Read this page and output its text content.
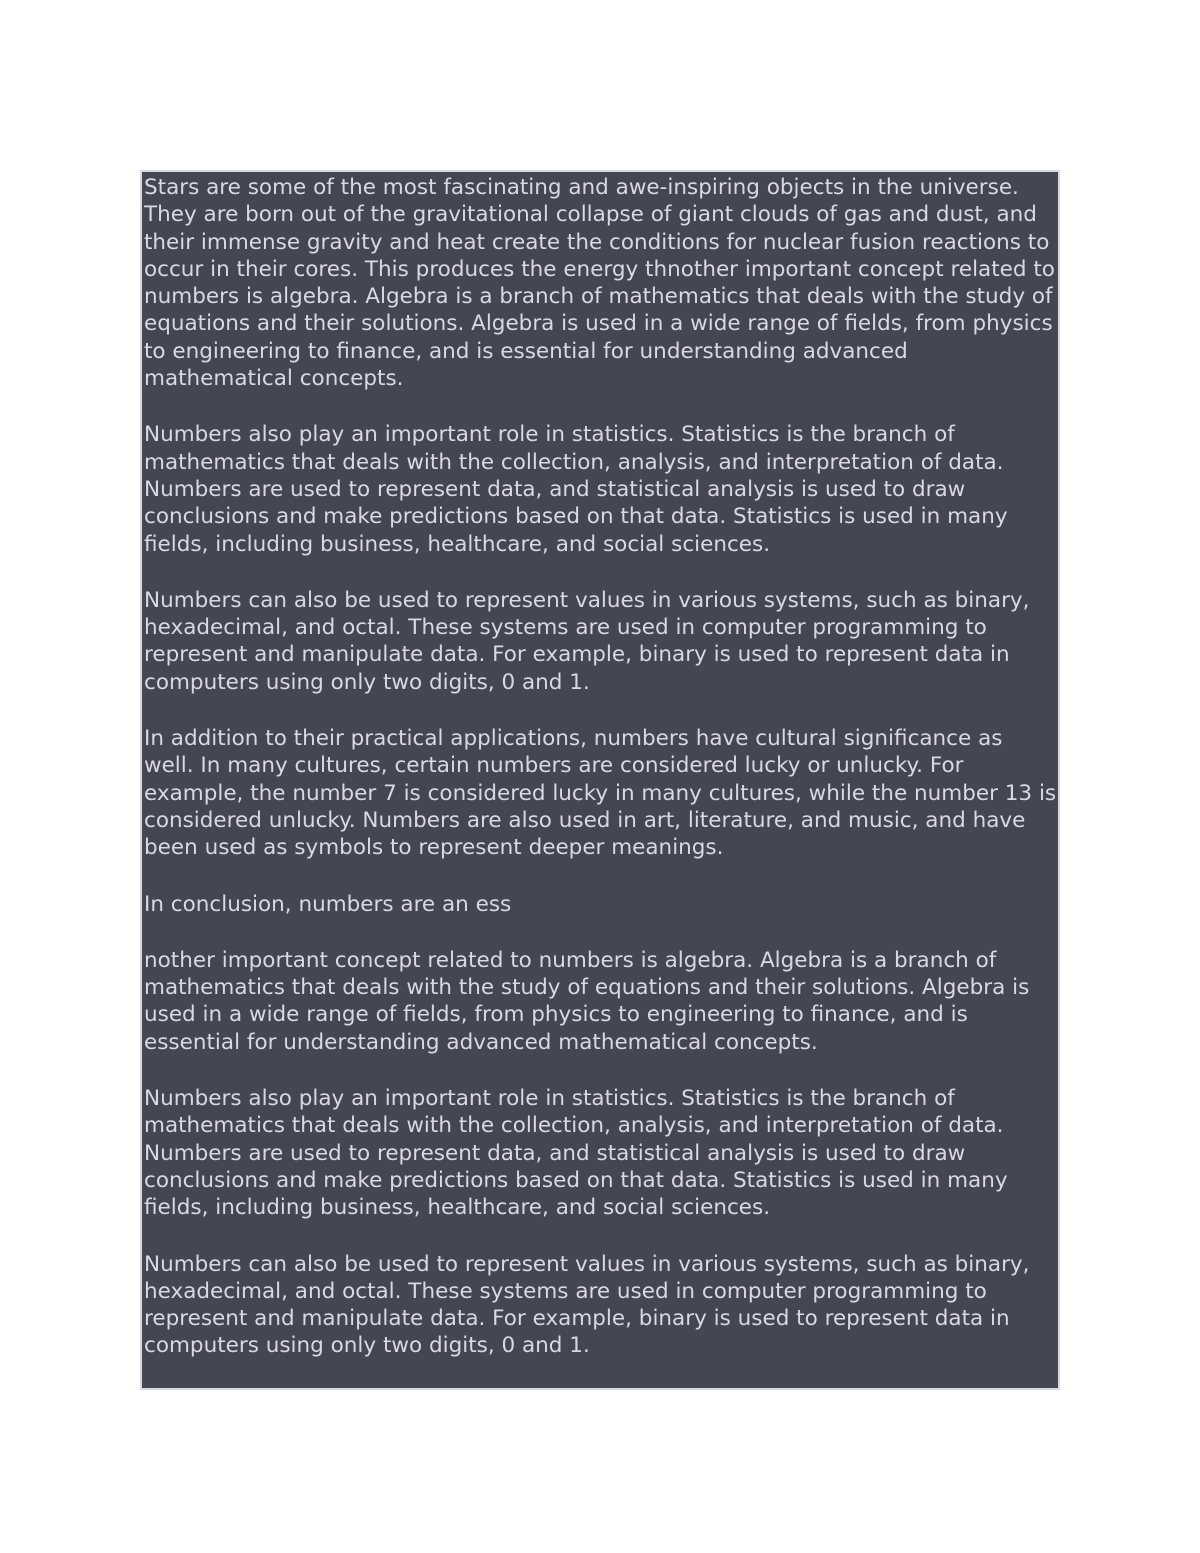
Stars are some of the most fascinating and awe-inspiring objects in the universe. They are born out of the gravitational collapse of giant clouds of gas and dust, and their immense gravity and heat create the conditions for nuclear fusion reactions to occur in their cores. This produces the energy thnother important concept related to numbers is algebra. Algebra is a branch of mathematics that deals with the study of equations and their solutions. Algebra is used in a wide range of fields, from physics to engineering to finance, and is essential for understanding advanced mathematical concepts.

Numbers also play an important role in statistics. Statistics is the branch of mathematics that deals with the collection, analysis, and interpretation of data. Numbers are used to represent data, and statistical analysis is used to draw conclusions and make predictions based on that data. Statistics is used in many fields, including business, healthcare, and social sciences.

Numbers can also be used to represent values in various systems, such as binary, hexadecimal, and octal. These systems are used in computer programming to represent and manipulate data. For example, binary is used to represent data in computers using only two digits, 0 and 1.

In addition to their practical applications, numbers have cultural significance as well. In many cultures, certain numbers are considered lucky or unlucky. For example, the number 7 is considered lucky in many cultures, while the number 13 is considered unlucky. Numbers are also used in art, literature, and music, and have been used as symbols to represent deeper meanings.

In conclusion, numbers are an ess

nother important concept related to numbers is algebra. Algebra is a branch of mathematics that deals with the study of equations and their solutions. Algebra is used in a wide range of fields, from physics to engineering to finance, and is essential for understanding advanced mathematical concepts.

Numbers also play an important role in statistics. Statistics is the branch of mathematics that deals with the collection, analysis, and interpretation of data. Numbers are used to represent data, and statistical analysis is used to draw conclusions and make predictions based on that data. Statistics is used in many fields, including business, healthcare, and social sciences.

Numbers can also be used to represent values in various systems, such as binary, hexadecimal, and octal. These systems are used in computer programming to represent and manipulate data. For example, binary is used to represent data in computers using only two digits, 0 and 1.
